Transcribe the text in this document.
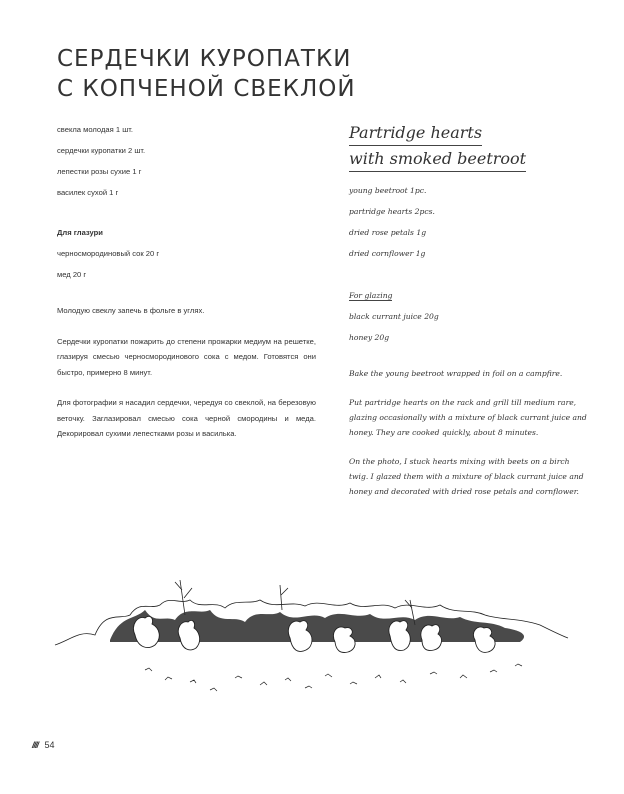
СЕРДЕЧКИ КУРОПАТКИ
С КОПЧЕНОЙ СВЕКЛОЙ

свекла молодая 1 шт.

сердечки куропатки 2 шт.

лепестки розы сухие 1 г

василек сухой 1 г

Для глазури

черносмородиновый сок 20 г

мед 20 г

Молодую свеклу запечь в фольге в углях.

Сердечки куропатки пожарить до степени прожарки медиум на решетке, глазируя смесью черносмородинового сока с медом. Готовятся они быстро, примерно 8 минут.

Для фотографии я насадил сердечки, чередуя со свеклой, на березовую веточку. Заглазировал смесью сока черной смородины и меда. Декорировал сухими лепестками розы и василька.

Partridge hearts
with smoked beetroot

young beetroot 1pc.

partridge hearts 2pcs.

dried rose petals 1g

dried cornflower 1g

For glazing

black currant juice 20g

honey 20g

Bake the young beetroot wrapped in foil on a campfire.

Put partridge hearts on the rack and grill till medium rare, glazing occasionally with a mixture of black currant juice and honey. They are cooked quickly, about 8 minutes.

On the photo, I stuck hearts mixing with beets on a birch twig. I glazed them with a mixture of black currant juice and honey and decorated with dried rose petals and cornflower.

//// 54
